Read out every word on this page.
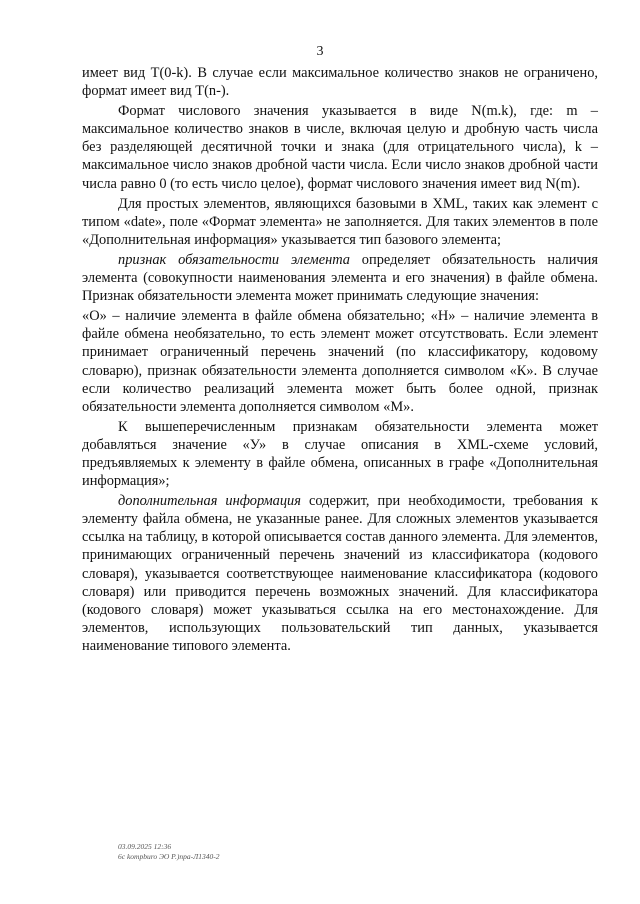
3

имеет вид T(0-k). В случае если максимальное количество знаков не ограничено, формат имеет вид T(n-).

Формат числового значения указывается в виде N(m.k), где: m – максимальное количество знаков в числе, включая целую и дробную часть числа без разделяющей десятичной точки и знака (для отрицательного числа), k – максимальное число знаков дробной части числа. Если число знаков дробной части числа равно 0 (то есть число целое), формат числового значения имеет вид N(m).

Для простых элементов, являющихся базовыми в XML, таких как элемент с типом «date», поле «Формат элемента» не заполняется. Для таких элементов в поле «Дополнительная информация» указывается тип базового элемента;

признак обязательности элемента определяет обязательность наличия элемента (совокупности наименования элемента и его значения) в файле обмена. Признак обязательности элемента может принимать следующие значения:

«О» – наличие элемента в файле обмена обязательно; «Н» – наличие элемента в файле обмена необязательно, то есть элемент может отсутствовать. Если элемент принимает ограниченный перечень значений (по классификатору, кодовому словарю), признак обязательности элемента дополняется символом «К». В случае если количество реализаций элемента может быть более одной, признак обязательности элемента дополняется символом «М».

К вышеперечисленным признакам обязательности элемента может добавляться значение «У» в случае описания в XML-схеме условий, предъявляемых к элементу в файле обмена, описанных в графе «Дополнительная информация»;

дополнительная информация содержит, при необходимости, требования к элементу файла обмена, не указанные ранее. Для сложных элементов указывается ссылка на таблицу, в которой описывается состав данного элемента. Для элементов, принимающих ограниченный перечень значений из классификатора (кодового словаря), указывается соответствующее наименование классификатора (кодового словаря) или приводится перечень возможных значений. Для классификатора (кодового словаря) может указываться ссылка на его местонахождение. Для элементов, использующих пользовательский тип данных, указывается наименование типового элемента.

03.09.2025 12:36
6c kompburo ЭО Р.)пра-Л1340-2
